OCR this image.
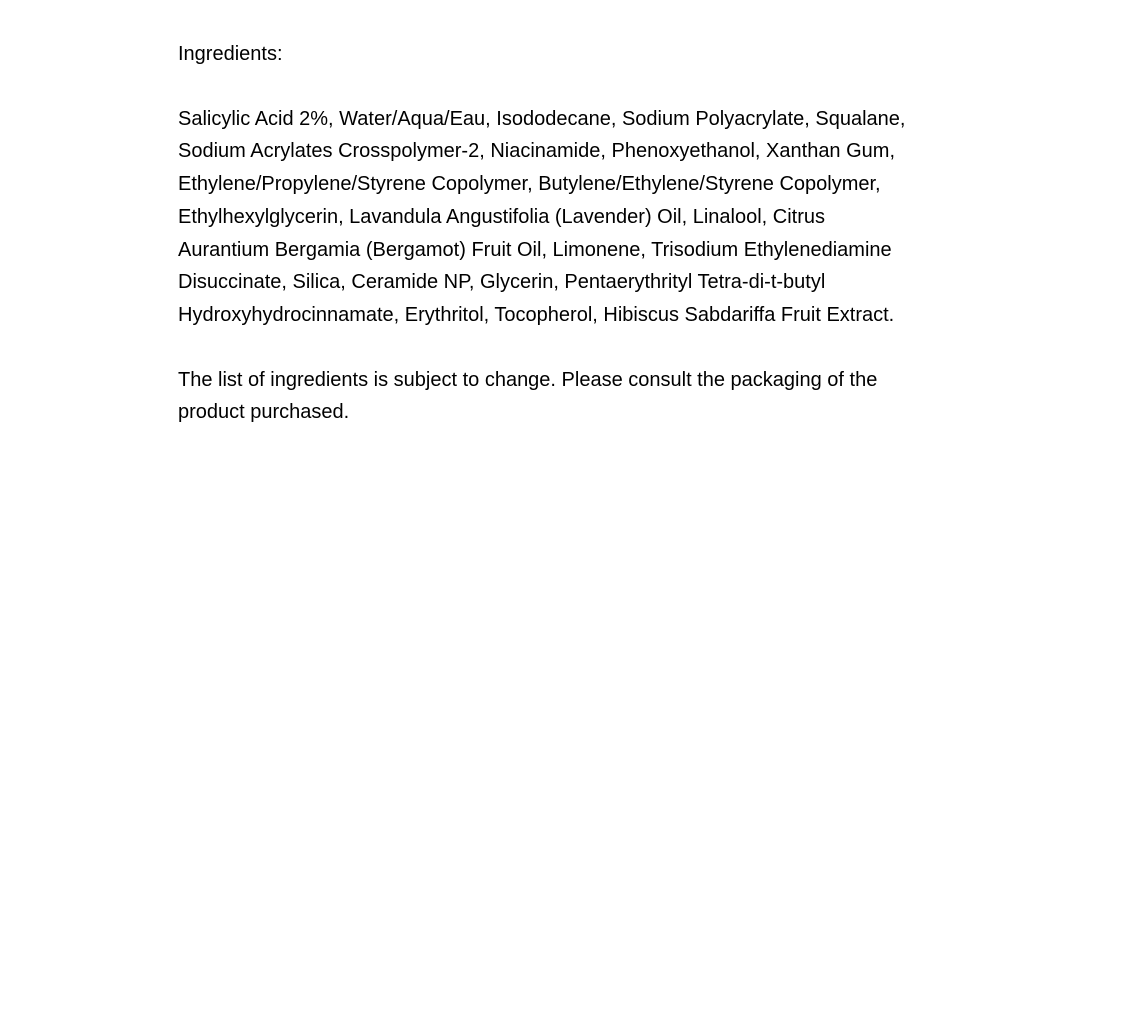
Ingredients:

Salicylic Acid 2%, Water/Aqua/Eau, Isododecane, Sodium Polyacrylate, Squalane,
Sodium Acrylates Crosspolymer-2, Niacinamide, Phenoxyethanol, Xanthan Gum,
Ethylene/Propylene/Styrene Copolymer, Butylene/Ethylene/Styrene Copolymer,
Ethylhexylglycerin, Lavandula Angustifolia (Lavender) Oil, Linalool, Citrus
Aurantium Bergamia (Bergamot) Fruit Oil, Limonene, Trisodium Ethylenediamine
Disuccinate, Silica, Ceramide NP, Glycerin, Pentaerythrityl Tetra-di-t-butyl
Hydroxyhydrocinnamate, Erythritol, Tocopherol, Hibiscus Sabdariffa Fruit Extract.

The list of ingredients is subject to change. Please consult the packaging of the
product purchased.
